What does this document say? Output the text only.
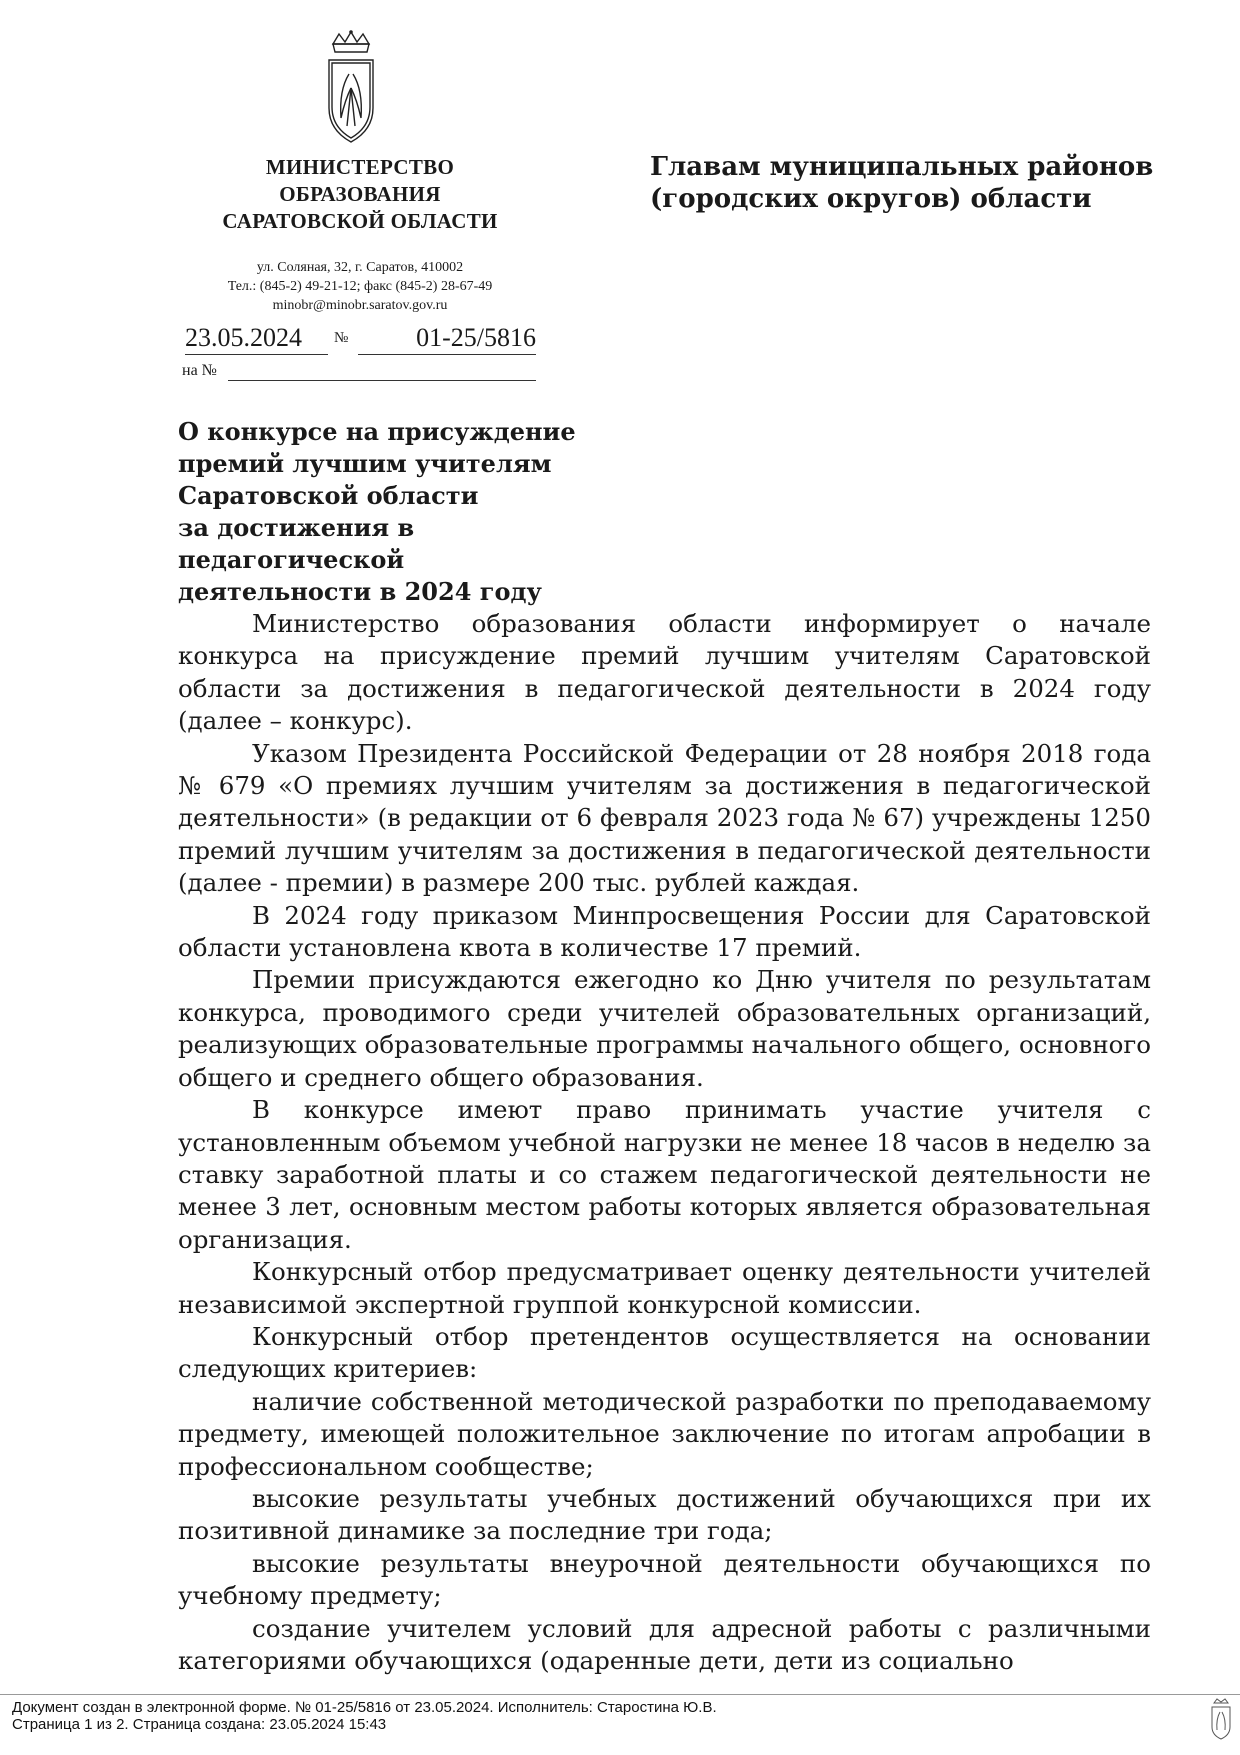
МИНИСТЕРСТВО
ОБРАЗОВАНИЯ
САРАТОВСКОЙ ОБЛАСТИ
ул. Соляная, 32, г. Саратов, 410002
Тел.: (845-2) 49-21-12; факс (845-2) 28-67-49
minobr@minobr.saratov.gov.ru
23.05.2024	№	01-25/5816
на №
Главам муниципальных районов
(городских округов) области
О конкурсе на присуждение
премий лучшим учителям
Саратовской области
за достижения в педагогической
деятельности в 2024 году

Министерство образования области информирует о начале конкурса на присуждение премий лучшим учителям Саратовской области за достижения в педагогической деятельности в 2024 году (далее – конкурс).

Указом Президента Российской Федерации от 28 ноября 2018 года № 679 «О премиях лучшим учителям за достижения в педагогической деятельности» (в редакции от 6 февраля 2023 года № 67) учреждены 1250 премий лучшим учителям за достижения в педагогической деятельности (далее - премии) в размере 200 тыс. рублей каждая.

В 2024 году приказом Минпросвещения России для Саратовской области установлена квота в количестве 17 премий.

Премии присуждаются ежегодно ко Дню учителя по результатам конкурса, проводимого среди учителей образовательных организаций, реализующих образовательные программы начального общего, основного общего и среднего общего образования.

В конкурсе имеют право принимать участие учителя с установленным объемом учебной нагрузки не менее 18 часов в неделю за ставку заработной платы и со стажем педагогической деятельности не менее 3 лет, основным местом работы которых является образовательная организация.

Конкурсный отбор предусматривает оценку деятельности учителей независимой экспертной группой конкурсной комиссии.

Конкурсный отбор претендентов осуществляется на основании следующих критериев:

наличие собственной методической разработки по преподаваемому предмету, имеющей положительное заключение по итогам апробации в профессиональном сообществе;

высокие результаты учебных достижений обучающихся при их позитивной динамике за последние три года;

высокие результаты внеурочной деятельности обучающихся по учебному предмету;

создание учителем условий для адресной работы с различными категориями обучающихся (одаренные дети, дети из социально

Документ создан в электронной форме. № 01-25/5816 от 23.05.2024. Исполнитель: Старостина Ю.В.
Страница 1 из 2. Страница создана: 23.05.2024 15:43
